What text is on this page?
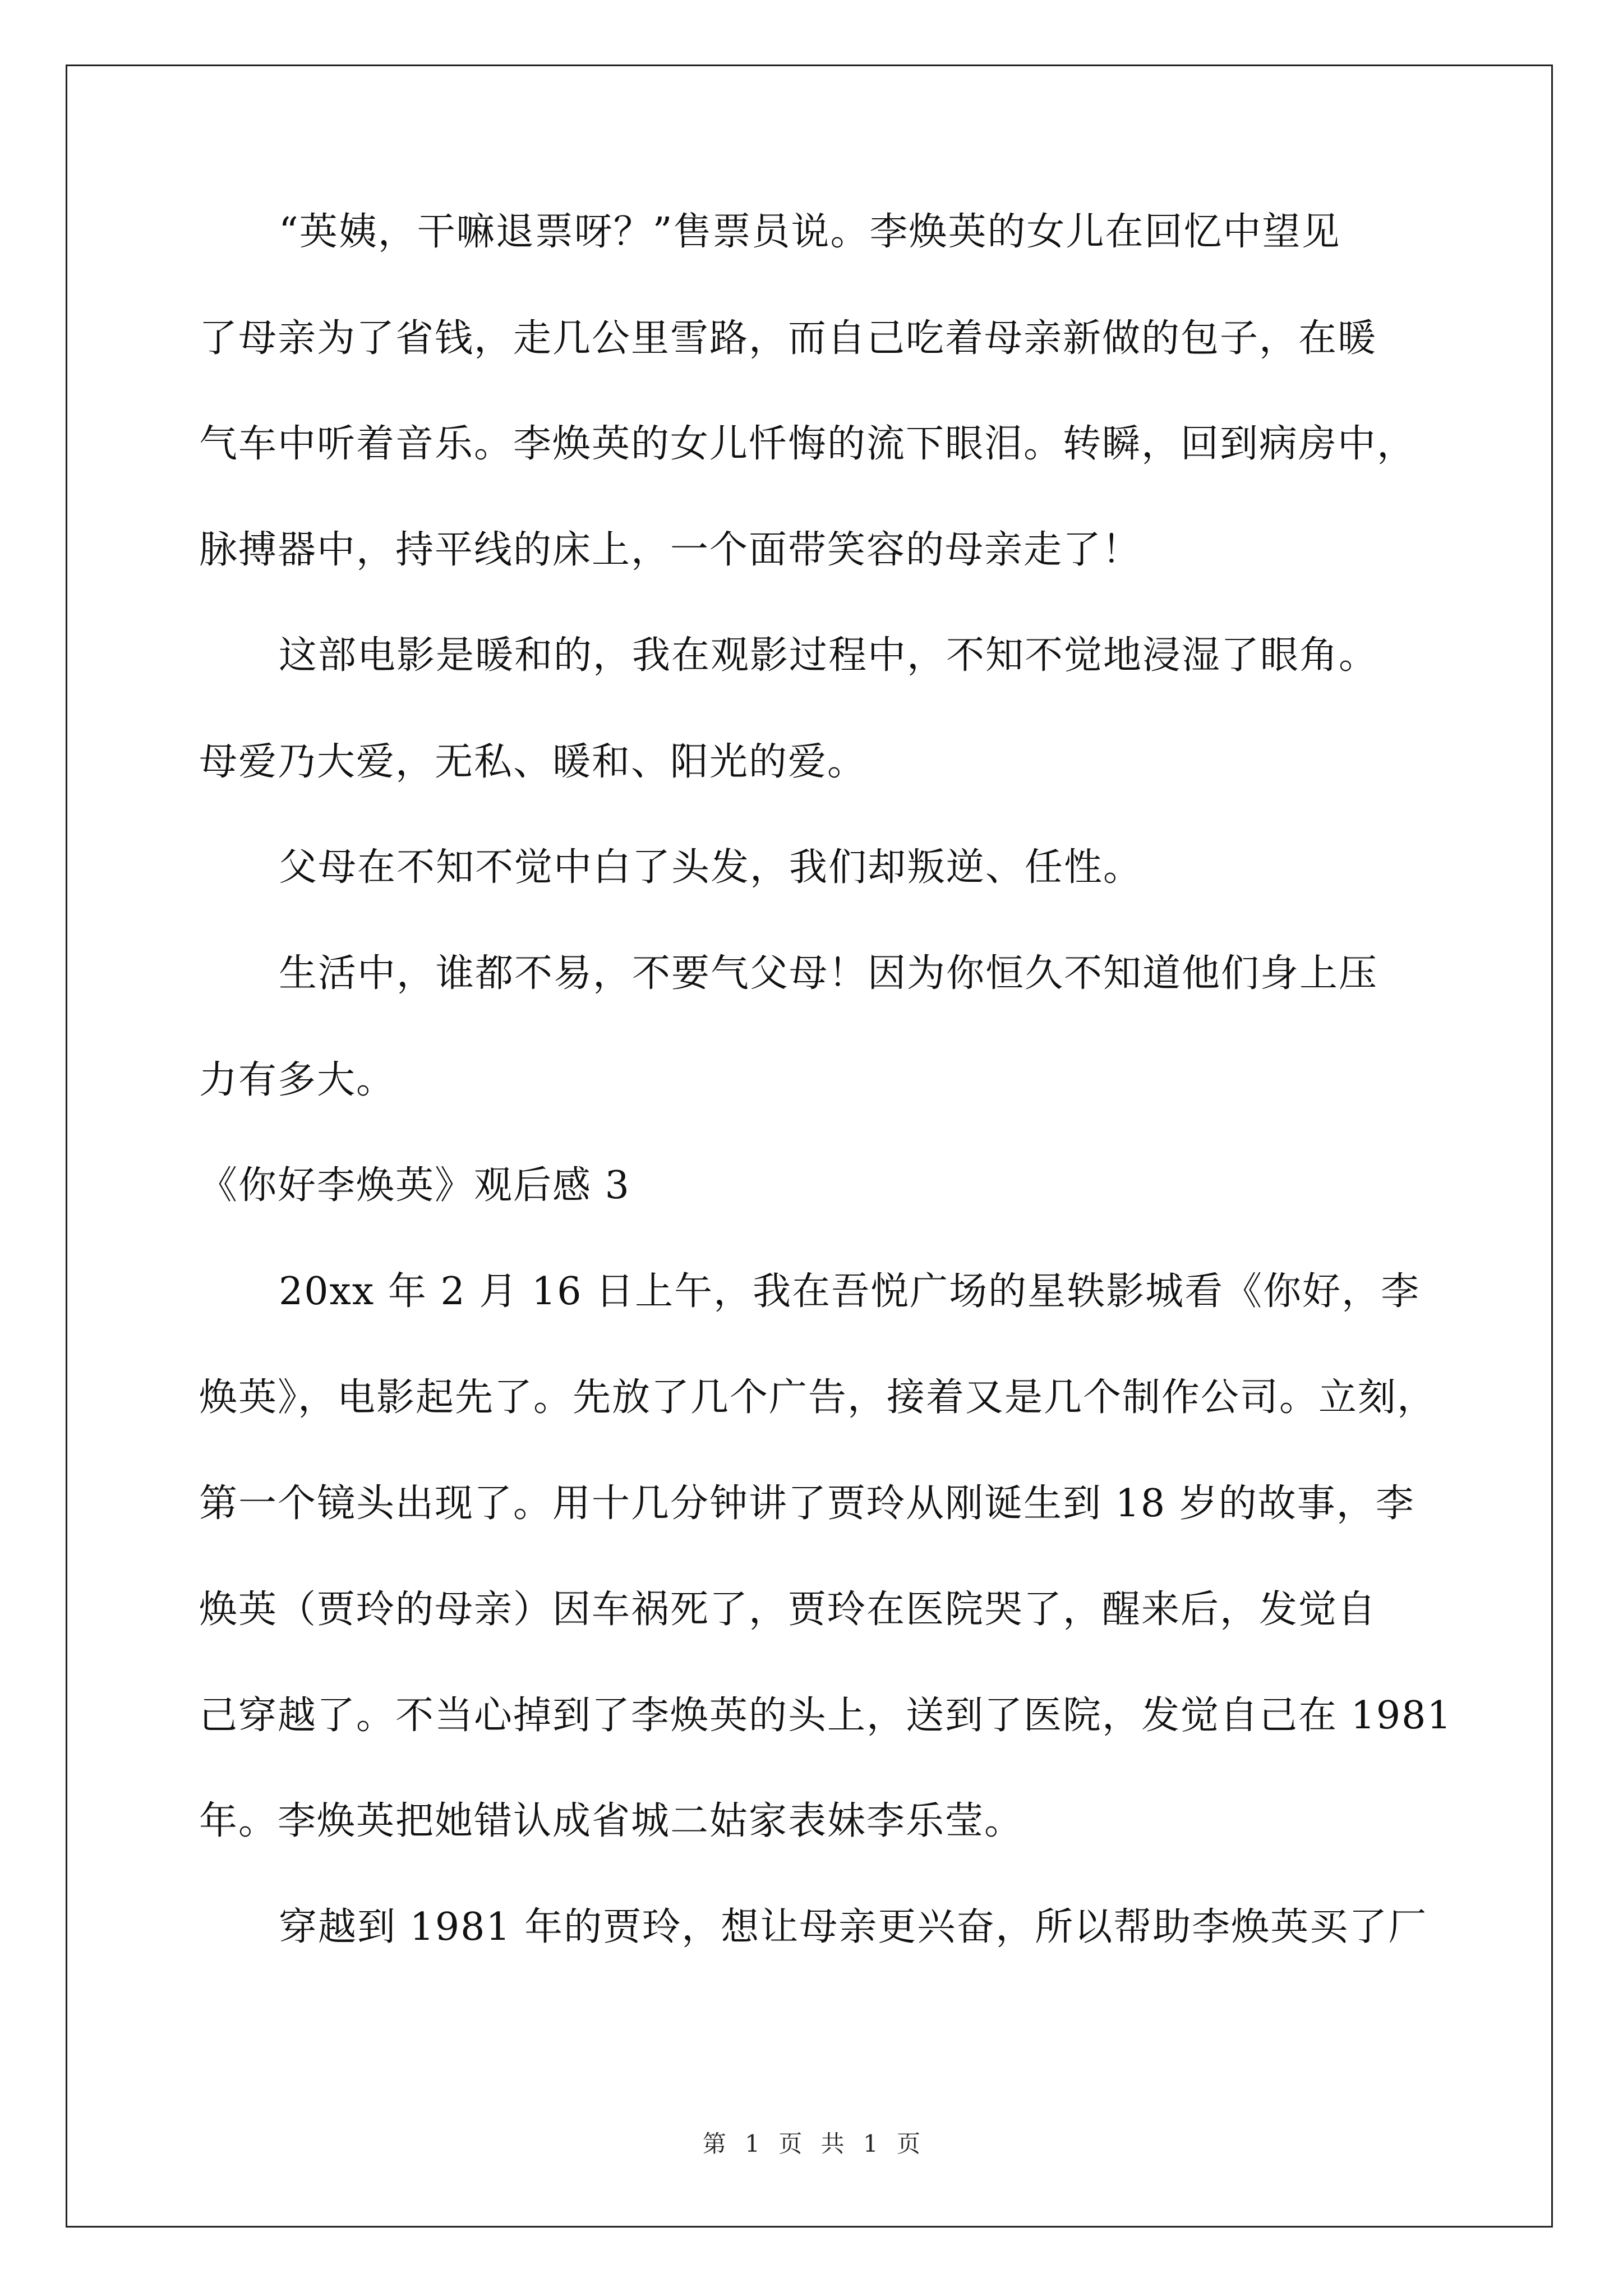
“英姨，干嘛退票呀？”售票员说。李焕英的女儿在回忆中望见
了母亲为了省钱，走几公里雪路，而自己吃着母亲新做的包子，在暖
气车中听着音乐。李焕英的女儿忏悔的流下眼泪。转瞬，回到病房中，
脉搏器中，持平线的床上，一个面带笑容的母亲走了！
这部电影是暖和的，我在观影过程中，不知不觉地浸湿了眼角。
母爱乃大爱，无私、暖和、阳光的爱。
父母在不知不觉中白了头发，我们却叛逆、任性。
生活中，谁都不易，不要气父母！因为你恒久不知道他们身上压
力有多大。
《你好李焕英》观后感 3
20xx 年 2 月 16 日上午，我在吾悦广场的星轶影城看《你好，李
焕英》，电影起先了。先放了几个广告，接着又是几个制作公司。立刻，
第一个镜头出现了。用十几分钟讲了贾玲从刚诞生到 18 岁的故事，李
焕英（贾玲的母亲）因车祸死了，贾玲在医院哭了，醒来后，发觉自
己穿越了。不当心掉到了李焕英的头上，送到了医院，发觉自己在 1981
年。李焕英把她错认成省城二姑家表妹李乐莹。
穿越到 1981 年的贾玲，想让母亲更兴奋，所以帮助李焕英买了厂
第 1 页 共 1 页
